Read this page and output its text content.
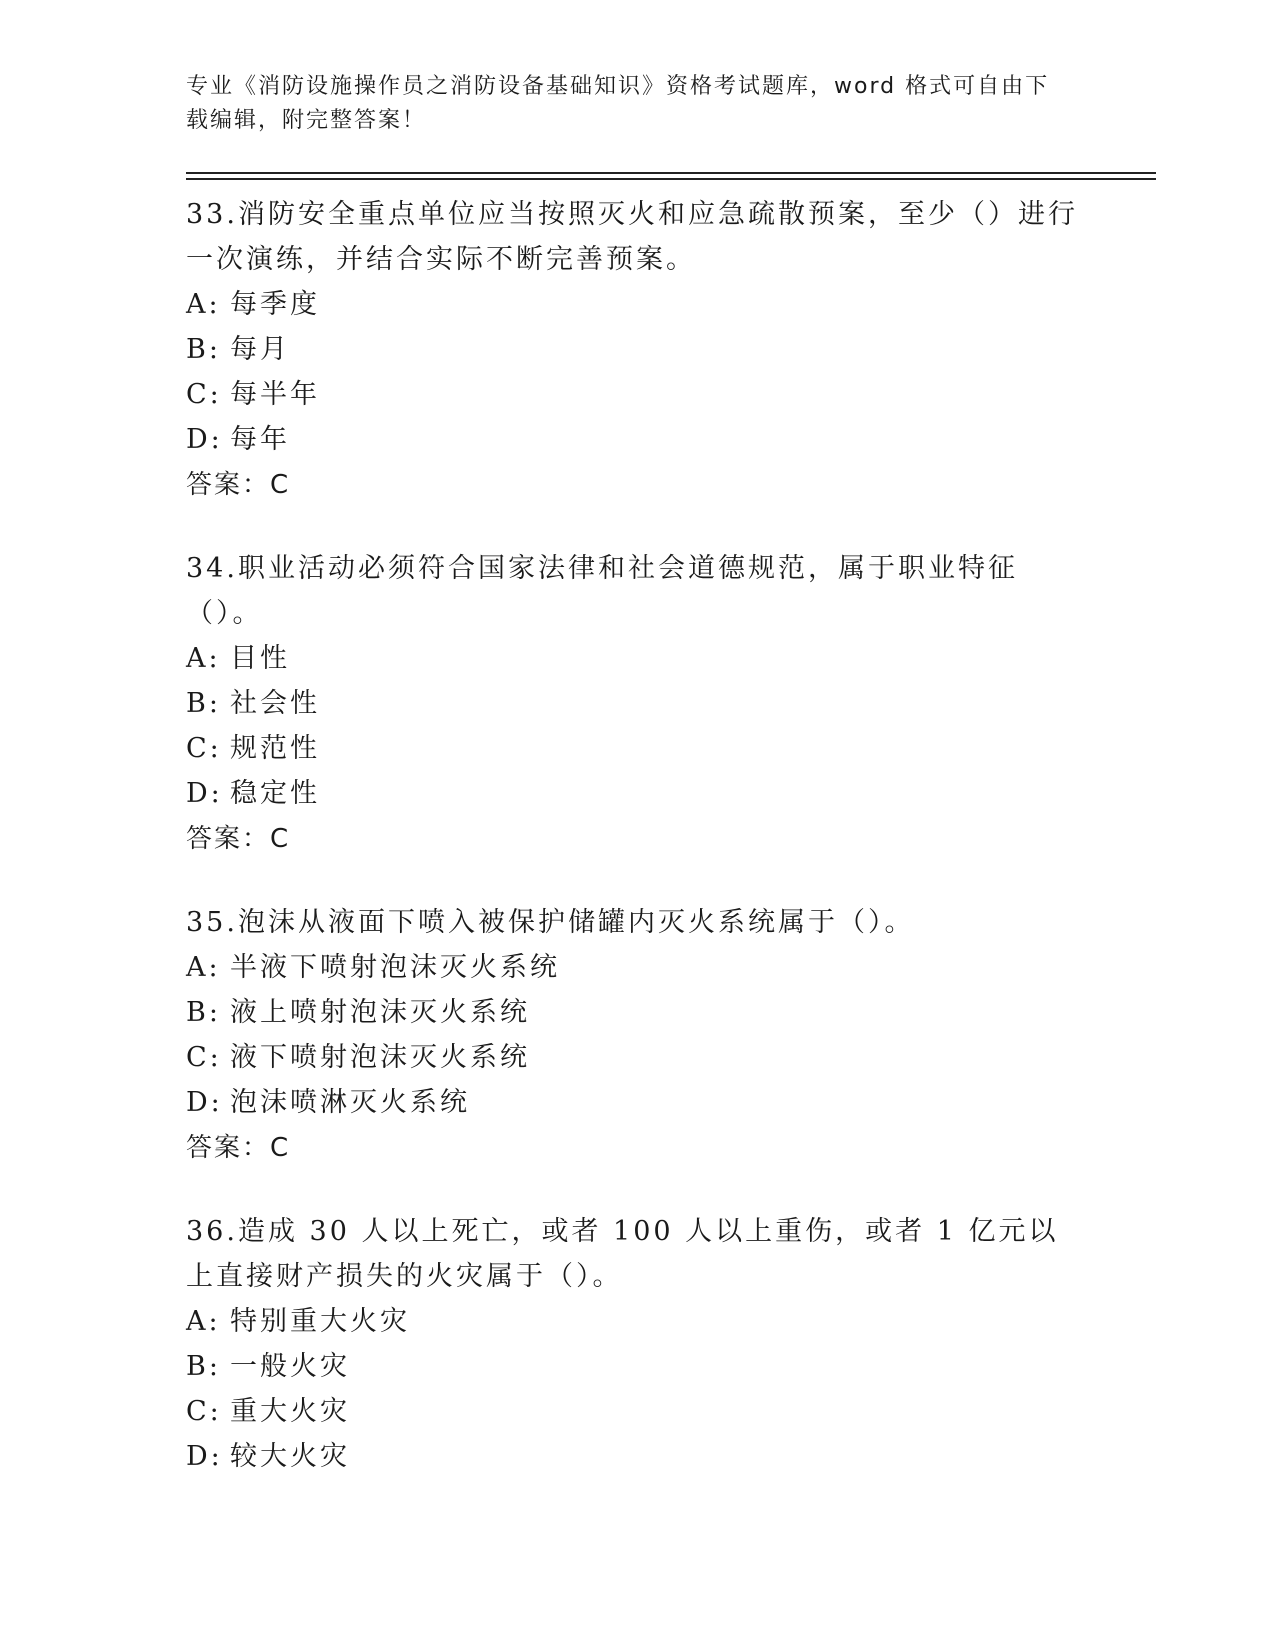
专业《消防设施操作员之消防设备基础知识》资格考试题库，word 格式可自由下载编辑，附完整答案！

33.消防安全重点单位应当按照灭火和应急疏散预案，至少（）进行一次演练，并结合实际不断完善预案。

A: 每季度

B: 每月

C: 每半年

D: 每年

答案：C

34.职业活动必须符合国家法律和社会道德规范，属于职业特征（）。

A: 目性

B: 社会性

C: 规范性

D: 稳定性

答案：C

35.泡沫从液面下喷入被保护储罐内灭火系统属于（）。

A: 半液下喷射泡沫灭火系统

B: 液上喷射泡沫灭火系统

C: 液下喷射泡沫灭火系统

D: 泡沫喷淋灭火系统

答案：C

36.造成 30 人以上死亡，或者 100 人以上重伤，或者 1 亿元以上直接财产损失的火灾属于（）。

A: 特别重大火灾

B: 一般火灾

C: 重大火灾

D: 较大火灾
